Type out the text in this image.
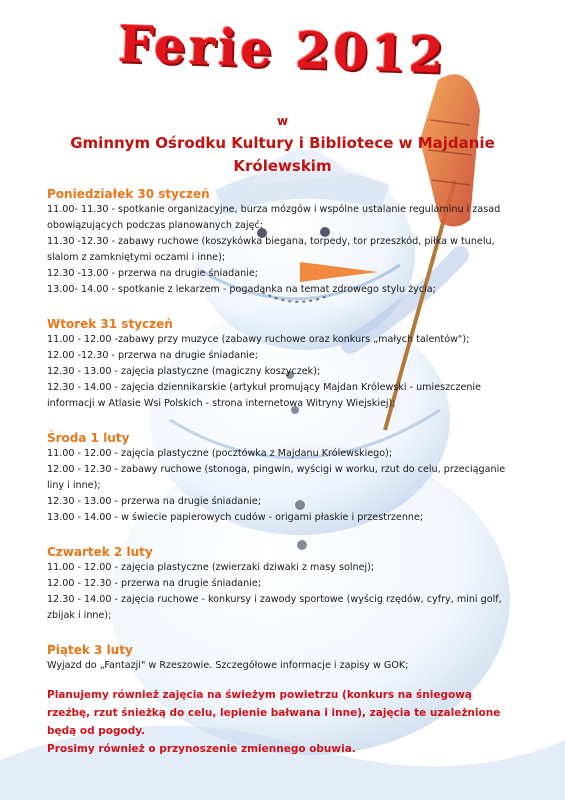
Ferie 2012
w
Gminnym Ośrodku Kultury i Bibliotece w Majdanie
Królewskim
Poniedziałek 30 styczeń
11.00- 11.30 - spotkanie organizacyjne, burza mózgów i wspólne ustalanie regulaminu i zasad obowiązujących podczas planowanych zajęć;
11.30 -12.30 - zabawy ruchowe (koszykówka biegana, torpedy, tor przeszkód, piłka w tunelu, slalom z zamkniętymi oczami i inne);
12.30 -13.00 - przerwa na drugie śniadanie;
13.00- 14.00 - spotkanie z lekarzem - pogadanka na temat zdrowego stylu życia;
Wtorek 31 styczeń
11.00 - 12.00 -zabawy przy muzyce (zabawy ruchowe oraz konkurs „małych talentów");
12.00 -12.30 - przerwa na drugie śniadanie;
12.30 - 13.00 - zajęcia plastyczne (magiczny koszyczek);
12.30 - 14.00 - zajęcia dziennikarskie (artykuł promujący Majdan Królewski - umieszczenie informacji w Atlasie Wsi Polskich - strona internetowa Witryny Wiejskiej);
Środa 1 luty
11.00 - 12.00 - zajęcia plastyczne (pocztówka z Majdanu Królewskiego);
12.00 - 12.30 - zabawy ruchowe (stonoga, pingwin, wyścigi w worku, rzut do celu, przeciąganie liny i inne);
12.30 - 13.00 - przerwa na drugie śniadanie;
13.00 - 14.00 - w świecie papierowych cudów - origami płaskie i przestrzenne;
Czwartek 2 luty
11.00 - 12.00 - zajęcia plastyczne (zwierzaki dziwaki z masy solnej);
12.00 - 12.30 - przerwa na drugie śniadanie;
12.30 - 14.00 - zajęcia ruchowe - konkursy i zawody sportowe (wyścig rzędów, cyfry, mini golf, zbijak i inne);
Piątek 3 luty
Wyjazd do „Fantazji" w Rzeszowie. Szczegółowe informacje i zapisy w GOK;
Planujemy również zajęcia na świeżym powietrzu (konkurs na śniegową rzeźbę, rzut śnieżką do celu, lepienie bałwana i inne), zajęcia te uzależnione będą od pogody.
Prosimy również o przynoszenie zmiennego obuwia.
